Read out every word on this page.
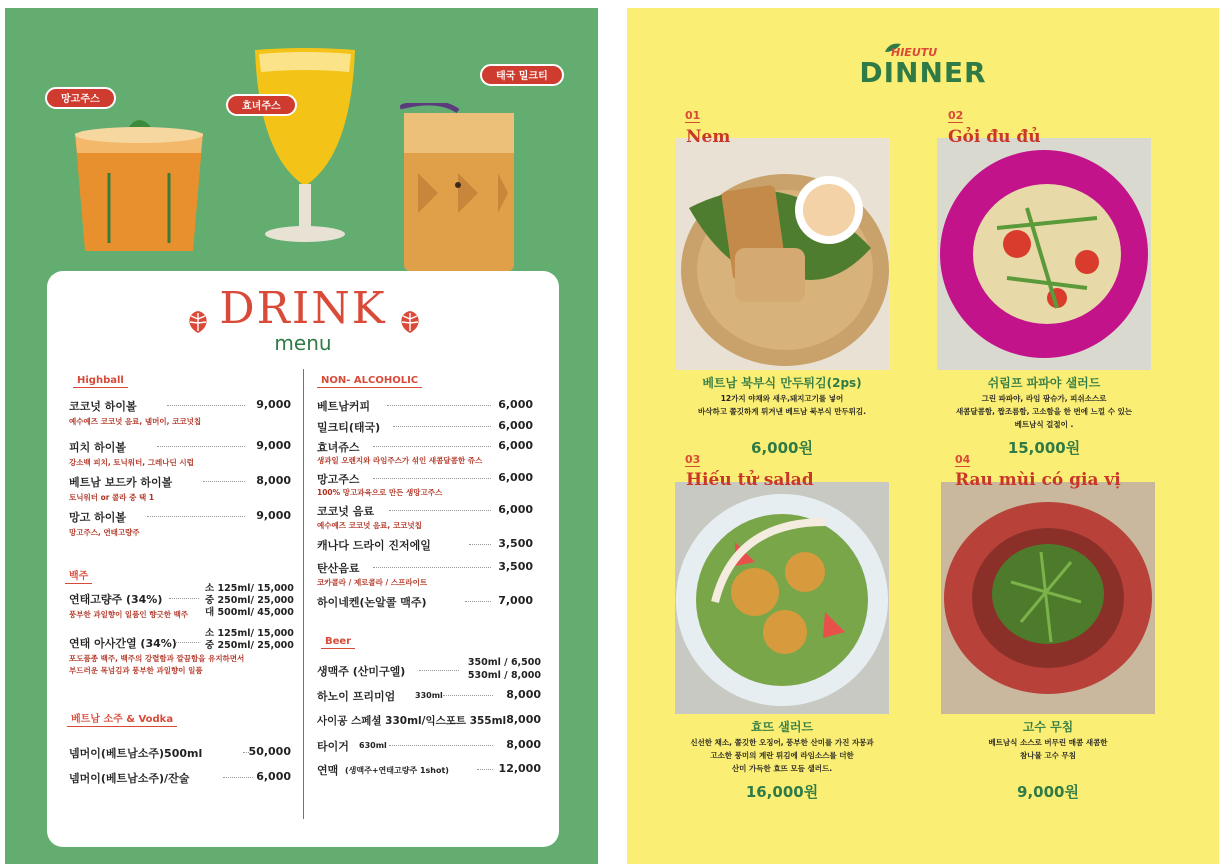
망고주스
효녀주스
태국 밀크티
DRINK
menu
Highball
코코넛 하이볼	9,000
예수예즈 코코넛 음료, 넴머이, 코코넛칩
피치 하이볼	9,000
강소백 피치, 토닉워터, 그레나딘 시럽
베트남 보드카 하이볼	8,000
토닉워터 or 콜라 중 택 1
망고 하이볼	9,000
망고주스, 연태고량주
백주
연태고량주 (34%)
소 125ml/ 15,000
중 250ml/ 25,000
대 500ml/ 45,000
풍부한 과일향이 일품인 향긋한 백주
연태 아사간열 (34%)
소 125ml/ 15,000
중 250ml/ 25,000
포도품종 백주, 백주의 강렬함과 깔끔함을 유지하면서
부드러운 목넘김과 풍부한 과일향이 일품
베트남 소주 & Vodka
넴머이(베트남소주)500ml	50,000
넴머이(베트남소주)/잔술	6,000
NON- ALCOHOLIC
베트남커피	6,000
밀크티(태국)	6,000
효녀쥬스	6,000
생과일 오렌지와 라임주스가 섞인 새콤달콤한 쥬스
망고주스	6,000
100% 망고과육으로 만든 생망고주스
코코넛 음료	6,000
예수예즈 코코넛 음료, 코코넛칩
캐나다 드라이 진저에일	3,500
탄산음료	3,500
코카콜라 / 제로콜라 / 스프라이트
하이네켄(논알콜 맥주)	7,000
Beer
생맥주 (산미구엘)
350ml / 6,500
530ml / 8,000
하노이 프리미엄 330ml	8,000
사이공 스페셜 330ml/익스포트 355ml 8,000
타이거 630ml	8,000
연맥 (생맥주+연태고량주 1shot)	12,000
HIEUTU
DINNER
01
Nem
베트남 북부식 만두튀김(2ps)
12가지 야채와 새우,돼지고기를 넣어
바삭하고 쫄깃하게 튀겨낸 베트남 북부식 만두튀김.
6,000원
02
Gỏi đu đủ
쉬림프 파파야 샐러드
그린 파파야, 라임 팜슈가, 피쉬소스로
새콤달콤함, 짭조름함, 고소함을 한 번에 느낄 수 있는
베트남식 걸절이 .
15,000원
03
Hiếu tử salad
효뜨 샐러드
신선한 채소, 쫄깃한 오징어, 풍부한 산미를 가진 자몽과
고소한 풍미의 계란 튀김에 라임소스를 더한
산미 가득한 효뜨 모듬 샐러드.
16,000원
04
Rau mùi có gia vị
고수 무침
베트남식 소스로 버무린 매콤 새콤한
참나물 고수 무침
9,000원
